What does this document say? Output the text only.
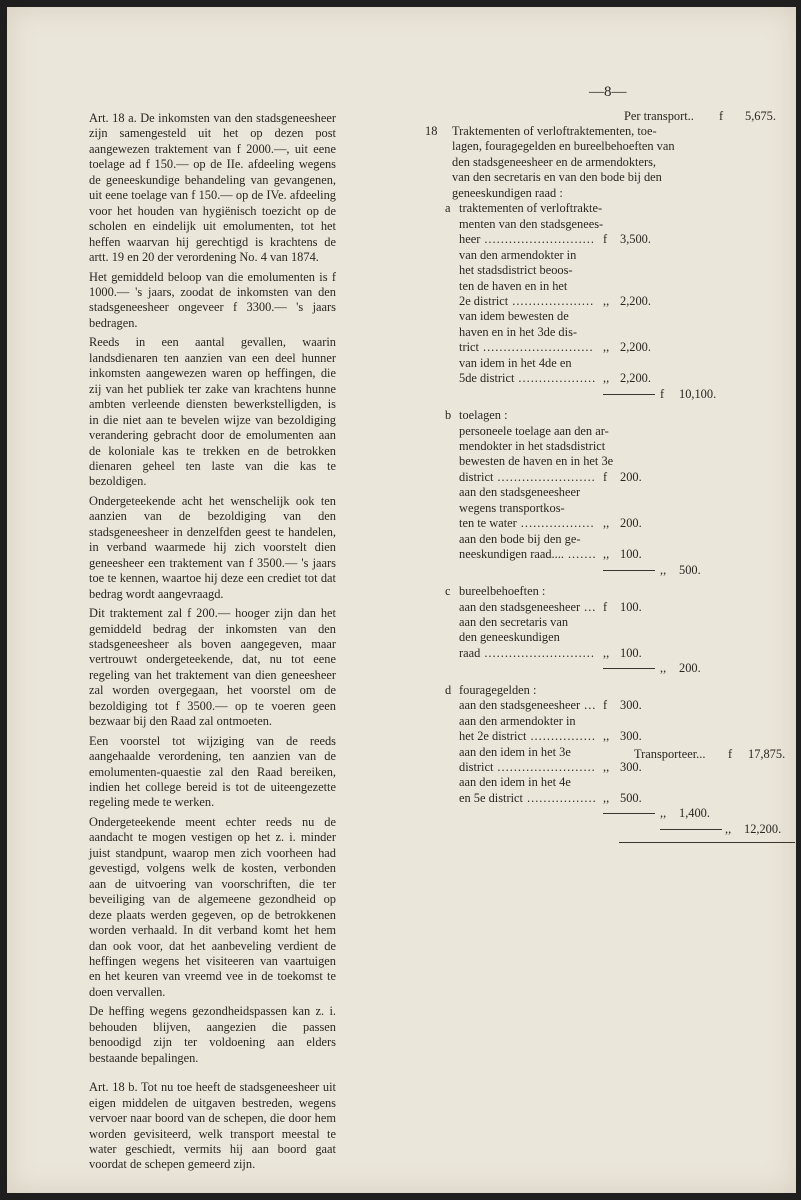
—8—

Art. 18 a. De inkomsten van den stadsgeneesheer zijn samengesteld uit het op dezen post aangewezen traktement van f 2000.—, uit eene toelage ad f 150.— op de IIe. afdeeling wegens de geneeskundige behandeling van gevangenen, uit eene toelage van f 150.— op de IVe. afdeeling voor het houden van hygiënisch toezicht op de scholen en eindelijk uit emolumenten, tot het heffen waarvan hij gerechtigd is krachtens de artt. 19 en 20 der verordening No. 4 van 1874.

Het gemiddeld beloop van die emolumenten is f 1000.— 's jaars, zoodat de inkomsten van den stadsgeneesheer ongeveer f 3300.— 's jaars bedragen.

Reeds in een aantal gevallen, waarin landsdienaren ten aanzien van een deel hunner inkomsten aangewezen waren op heffingen, die zij van het publiek ter zake van krachtens hunne ambten verleende diensten bewerkstelligden, is in die niet aan te bevelen wijze van bezoldiging verandering gebracht door de emolumenten aan de koloniale kas te trekken en de betrokken dienaren geheel ten laste van die kas te bezoldigen.

Ondergeteekende acht het wenschelijk ook ten aanzien van de bezoldiging van den stadsgeneesheer in denzelfden geest te handelen, in verband waarmede hij zich voorstelt dien geneesheer een traktement van f 3500.— 's jaars toe te kennen, waartoe hij deze een crediet tot dat bedrag wordt aangevraagd.

Dit traktement zal f 200.— hooger zijn dan het gemiddeld bedrag der inkomsten van den stadsgeneesheer als boven aangegeven, maar vertrouwt ondergeteekende, dat, nu tot eene regeling van het traktement van dien geneesheer zal worden overgegaan, het voorstel om de bezoldiging tot f 3500.— op te voeren geen bezwaar bij den Raad zal ontmoeten.

Een voorstel tot wijziging van de reeds aangehaalde verordening, ten aanzien van de emolumenten-quaestie zal den Raad bereiken, indien het college bereid is tot de uiteengezette regeling mede te werken.

Ondergeteekende meent echter reeds nu de aandacht te mogen vestigen op het z. i. minder juist standpunt, waarop men zich voorheen had gevestigd, volgens welk de kosten, verbonden aan de uitvoering van voorschriften, die ter beveiliging van de algemeene gezondheid op deze plaats werden gegeven, op de betrokkenen worden verhaald. In dit verband komt het hem dan ook voor, dat het aanbeveling verdient de heffingen wegens het visiteeren van vaartuigen en het keuren van vreemd vee in de toekomst te doen vervallen.

De heffing wegens gezondheidspassen kan z. i. behouden blijven, aangezien die passen benoodigd zijn ter voldoening aan elders bestaande bepalingen.

Art. 18 b. Tot nu toe heeft de stadsgeneesheer uit eigen middelen de uitgaven bestreden, wegens vervoer naar boord van de schepen, die door hem worden gevisiteerd, welk transport meestal te water geschiedt, vermits hij aan boord gaat voordat de schepen gemeerd zijn.

Per transport.. f 5,675.
18
Transporteer... f 17,875.
Traktementen of verloftraktementen, toe-
lagen, fouragegelden en bureelbehoeften van
den stadsgeneesheer en de armendokters,
van den secretaris en van den bode bij den
geneeskundigen raad :
a traktementen of verloftrakte-
menten van den stadsgenees-
heer	f 3,500.
van den armendokter in
het stadsdistrict beoos-
ten de haven en in het
2e district	,, 2,200.
van idem bewesten de
haven en in het 3de dis-
trict	,, 2,200.
van idem in het 4de en
5de district	,, 2,200.
f 10,100.
b toelagen :
personeele toelage aan den ar-
mendokter in het stadsdistrict
bewesten de haven en in het 3e
district	f 200.
aan den stadsgeneesheer
wegens transportkos-
ten te water	,, 200.
aan den bode bij den ge-
neeskundigen raad....	,, 100.
,, 500.
c bureelbehoeften :
aan den stadsgeneesheer f 100.
aan den secretaris van
den geneeskundigen
raad	,, 100.
,, 200.
d fouragegelden :
aan den stadsgeneesheer f 300.
aan den armendokter in
het 2e district	,, 300.
aan den idem in het 3e
district	,, 300.
aan den idem in het 4e
en 5e district	,, 500.
,, 1,400.
,, 12,200.
...........................
....................
...........................
...................
........................
..................
.......
...
...........................
...
................
........................
.................
